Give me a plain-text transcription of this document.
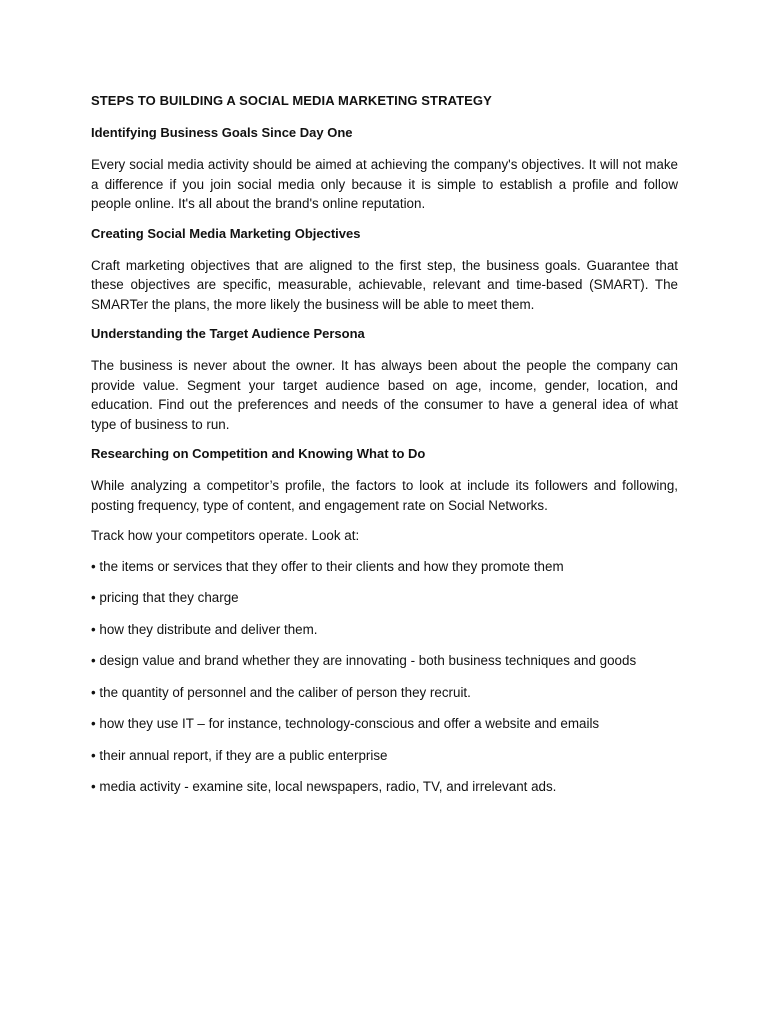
STEPS TO BUILDING A SOCIAL MEDIA MARKETING STRATEGY
Identifying Business Goals Since Day One

Every social media activity should be aimed at achieving the company's objectives. It will not make a difference if you join social media only because it is simple to establish a profile and follow people online. It's all about the brand's online reputation.

Creating Social Media Marketing Objectives

Craft marketing objectives that are aligned to the first step, the business goals. Guarantee that these objectives are specific, measurable, achievable, relevant and time-based (SMART). The SMARTer the plans, the more likely the business will be able to meet them.

Understanding the Target Audience Persona

The business is never about the owner. It has always been about the people the company can provide value. Segment your target audience based on age, income, gender, location, and education. Find out the preferences and needs of the consumer to have a general idea of what type of business to run.

Researching on Competition and Knowing What to Do

While analyzing a competitor’s profile, the factors to look at include its followers and following, posting frequency, type of content, and engagement rate on Social Networks.

Track how your competitors operate. Look at:

• the items or services that they offer to their clients and how they promote them
• pricing that they charge
• how they distribute and deliver them.
• design value and brand whether they are innovating - both business techniques and goods
• the quantity of personnel and the caliber of person they recruit.
• how they use IT – for instance, technology-conscious and offer a website and emails
• their annual report, if they are a public enterprise
• media activity - examine site, local newspapers, radio, TV, and irrelevant ads.
